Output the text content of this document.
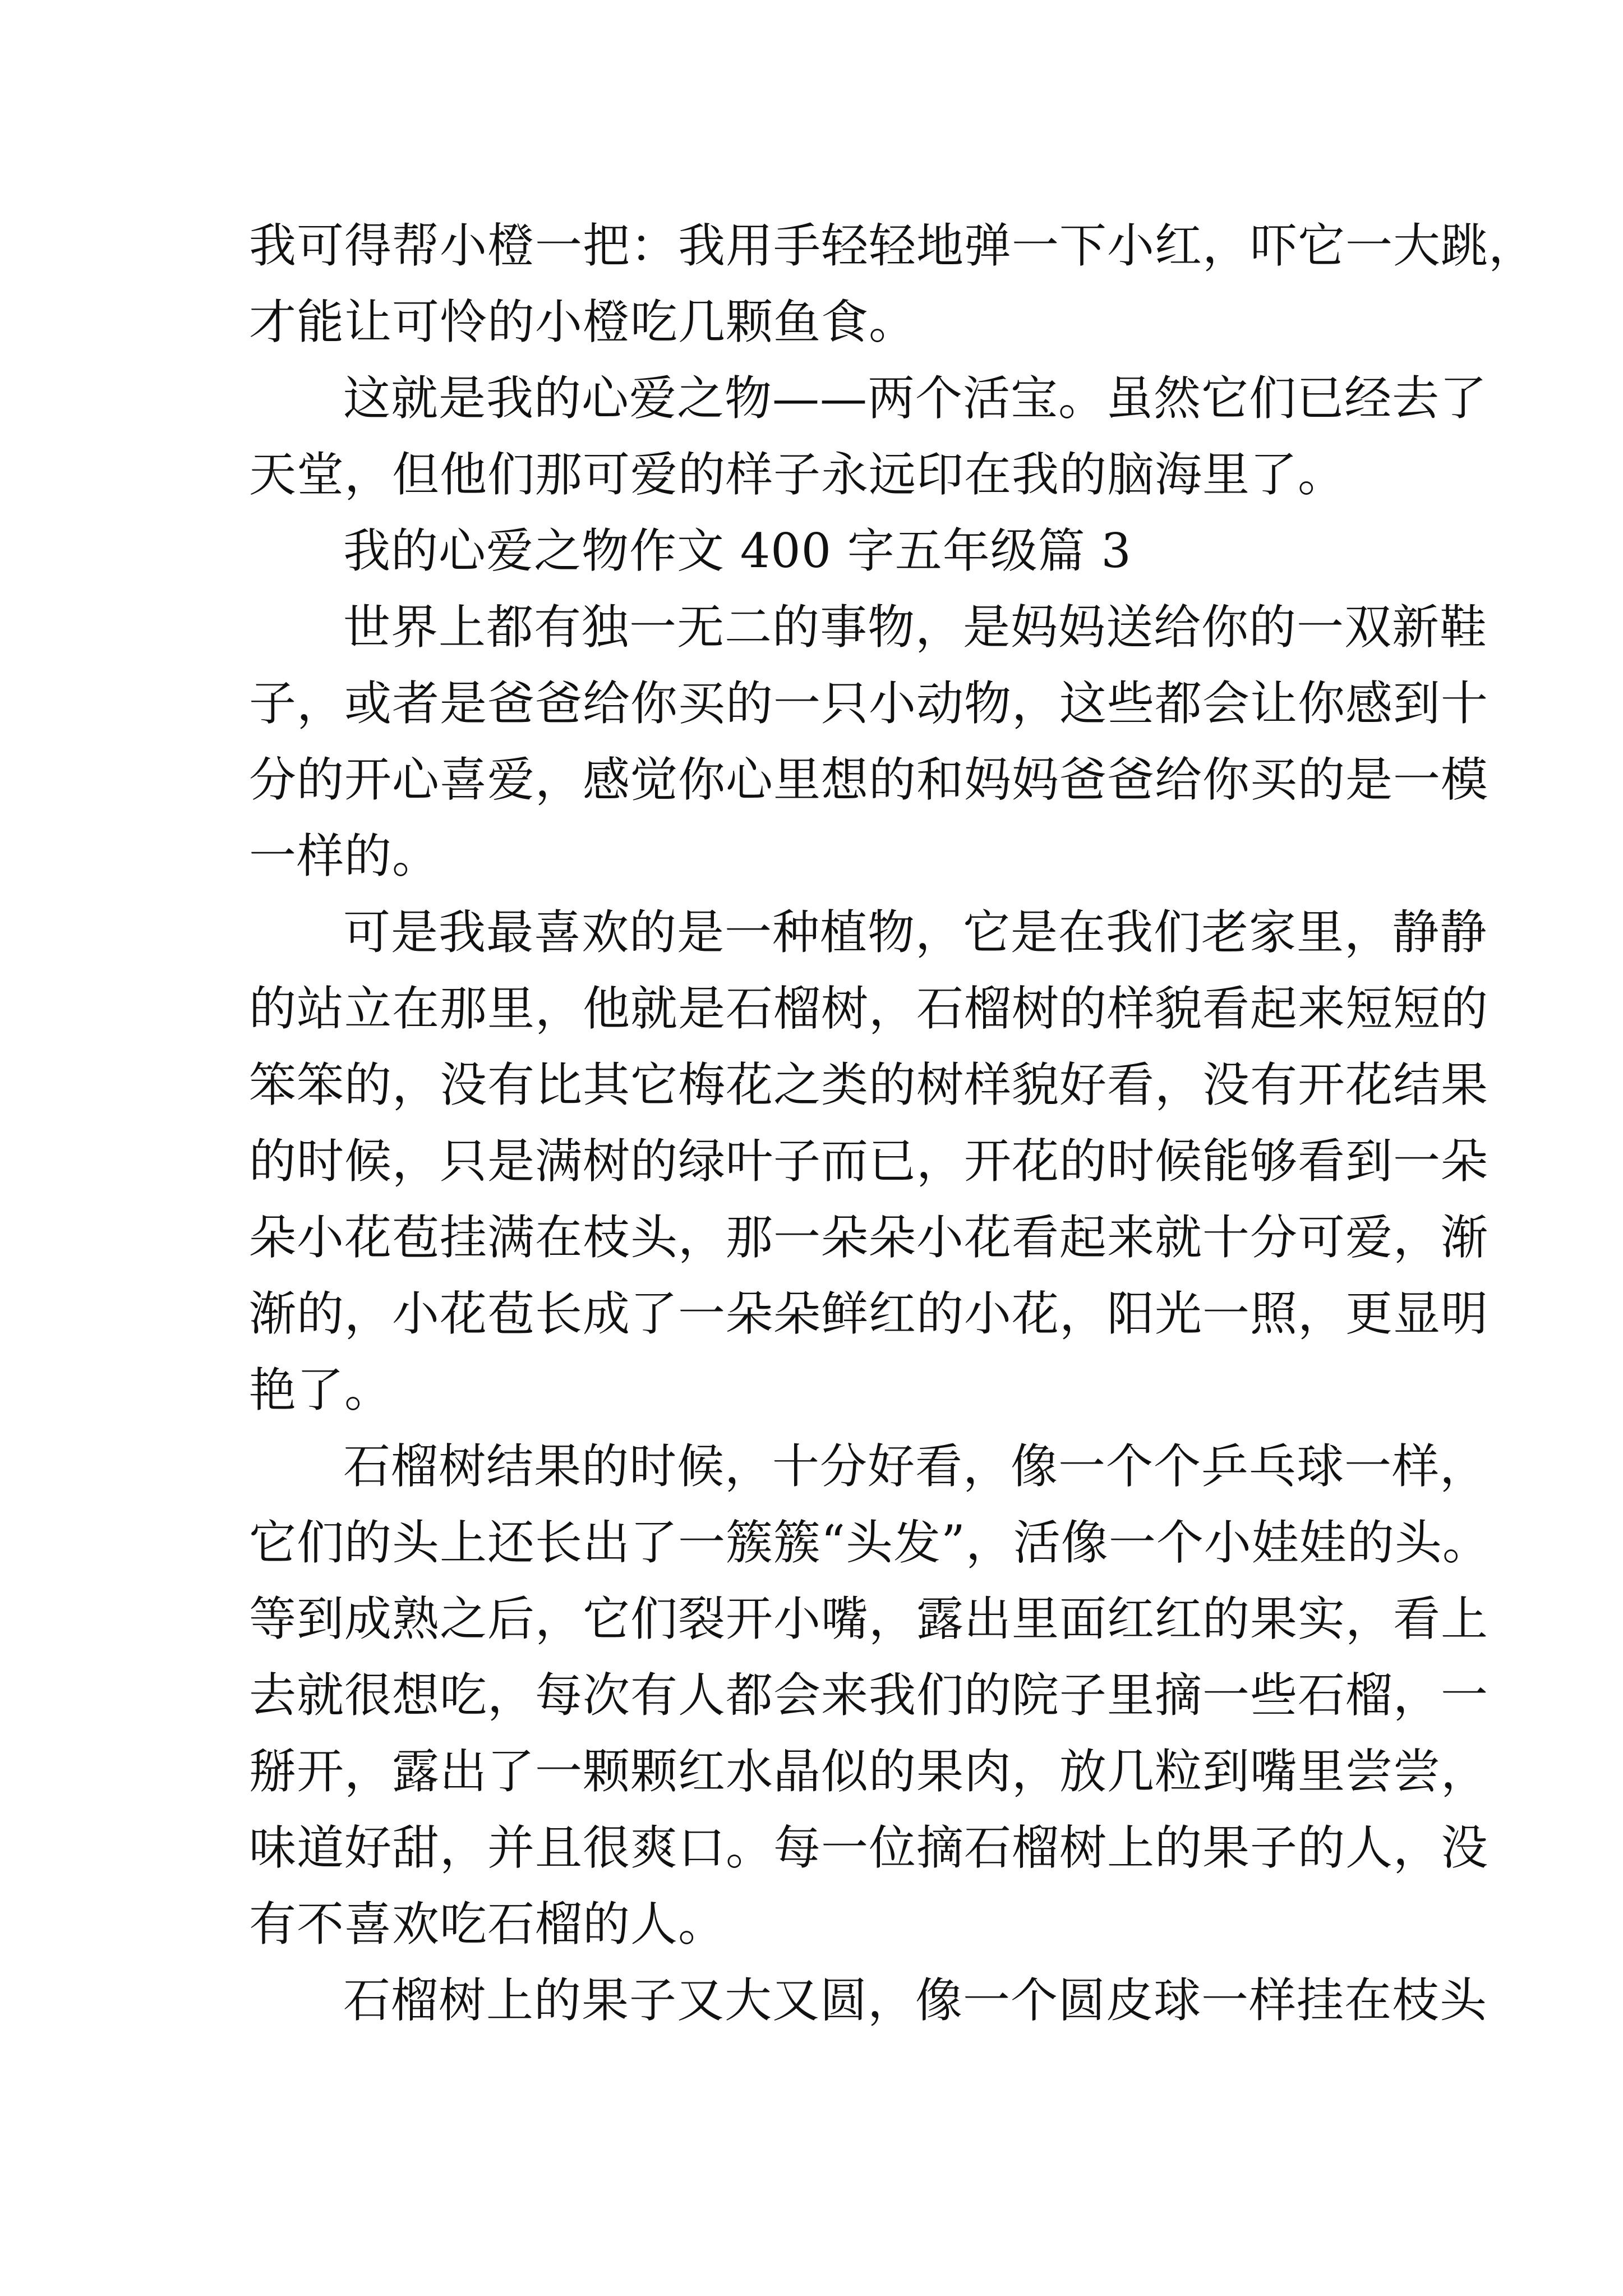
我可得帮小橙一把：我用手轻轻地弹一下小红，吓它一大跳，
才能让可怜的小橙吃几颗鱼食。
这就是我的心爱之物——两个活宝。虽然它们已经去了
天堂，但他们那可爱的样子永远印在我的脑海里了。
我的心爱之物作文 400 字五年级篇 3
世界上都有独一无二的事物，是妈妈送给你的一双新鞋
子，或者是爸爸给你买的一只小动物，这些都会让你感到十
分的开心喜爱，感觉你心里想的和妈妈爸爸给你买的是一模
一样的。
可是我最喜欢的是一种植物，它是在我们老家里，静静
的站立在那里，他就是石榴树，石榴树的样貌看起来短短的
笨笨的，没有比其它梅花之类的树样貌好看，没有开花结果
的时候，只是满树的绿叶子而已，开花的时候能够看到一朵
朵小花苞挂满在枝头，那一朵朵小花看起来就十分可爱，渐
渐的，小花苞长成了一朵朵鲜红的小花，阳光一照，更显明
艳了。
石榴树结果的时候，十分好看，像一个个乒乓球一样，
它们的头上还长出了一簇簇“头发”，活像一个小娃娃的头。
等到成熟之后，它们裂开小嘴，露出里面红红的果实，看上
去就很想吃，每次有人都会来我们的院子里摘一些石榴，一
掰开，露出了一颗颗红水晶似的果肉，放几粒到嘴里尝尝，
味道好甜，并且很爽口。每一位摘石榴树上的果子的人，没
有不喜欢吃石榴的人。
石榴树上的果子又大又圆，像一个圆皮球一样挂在枝头
